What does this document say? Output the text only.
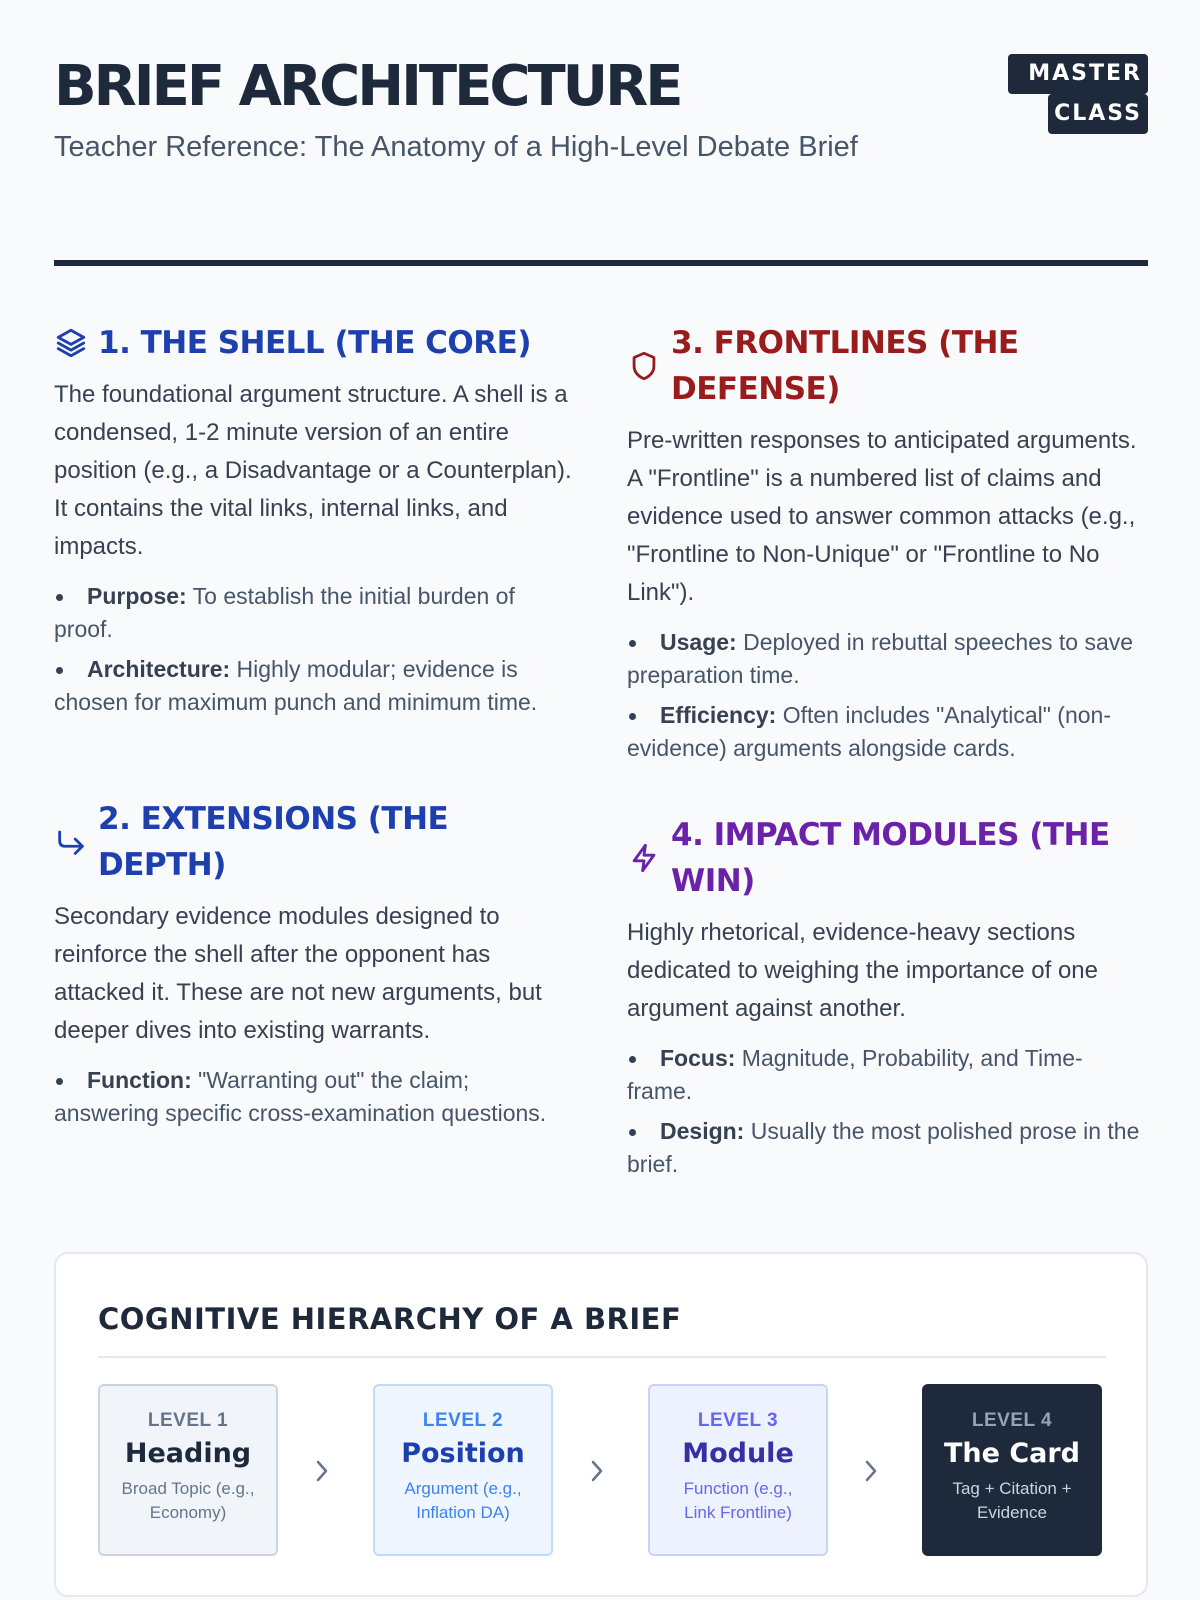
BRIEF ARCHITECTURE
Teacher Reference: The Anatomy of a High-Level Debate Brief
MASTER
CLASS
1. THE SHELL (THE CORE)

The foundational argument structure. A shell is a condensed, 1-2 minute version of an entire position (e.g., a Disadvantage or a Counterplan). It contains the vital links, internal links, and impacts.

Purpose: To establish the initial burden of proof.
Architecture: Highly modular; evidence is chosen for maximum punch and minimum time.
2. EXTENSIONS (THE DEPTH)

Secondary evidence modules designed to reinforce the shell after the opponent has attacked it. These are not new arguments, but deeper dives into existing warrants.

Function: "Warranting out" the claim; answering specific cross-examination questions.
3. FRONTLINES (THE DEFENSE)

Pre-written responses to anticipated arguments. A "Frontline" is a numbered list of claims and evidence used to answer common attacks (e.g., "Frontline to Non-Unique" or "Frontline to No Link").

Usage: Deployed in rebuttal speeches to save preparation time.
Efficiency: Often includes "Analytical" (non-evidence) arguments alongside cards.
4. IMPACT MODULES (THE WIN)

Highly rhetorical, evidence-heavy sections dedicated to weighing the importance of one argument against another.

Focus: Magnitude, Probability, and Time-frame.
Design: Usually the most polished prose in the brief.
COGNITIVE HIERARCHY OF A BRIEF
LEVEL 1
Heading
Broad Topic (e.g., Economy)
LEVEL 2
Position
Argument (e.g., Inflation DA)
LEVEL 3
Module
Function (e.g., Link Frontline)
LEVEL 4
The Card
Tag + Citation + Evidence
